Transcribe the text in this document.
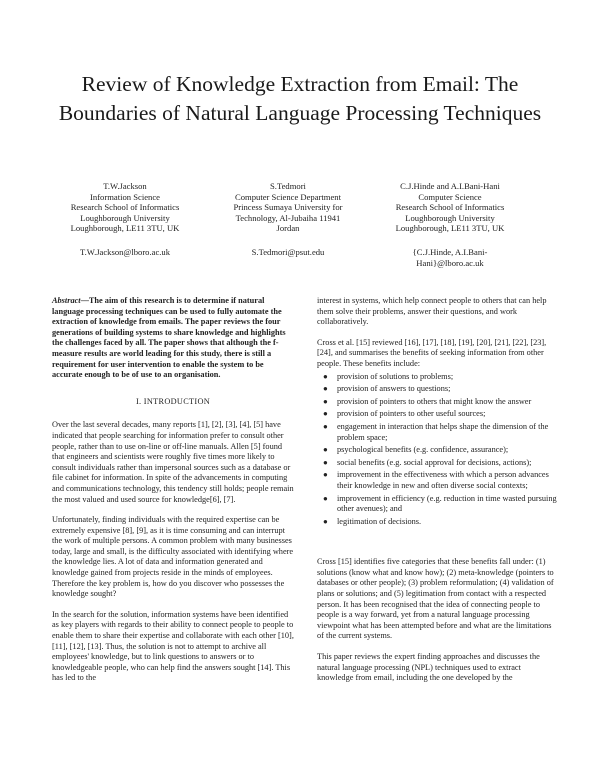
Review of Knowledge Extraction from Email: The Boundaries of Natural Language Processing Techniques
T.W.Jackson
Information Science
Research School of Informatics
Loughborough University
Loughborough, LE11 3TU, UK
T.W.Jackson@lboro.ac.uk
S.Tedmori
Computer Science Department
Princess Sumaya University for
Technology, Al-Jubaiha 11941
Jordan
S.Tedmori@psut.edu
C.J.Hinde and A.I.Bani-Hani
Computer Science
Research School of Informatics
Loughborough University
Loughborough, LE11 3TU, UK
{C.J.Hinde, A.I.Bani-Hani}@lboro.ac.uk

Abstract—The aim of this research is to determine if natural language processing techniques can be used to fully automate the extraction of knowledge from emails. The paper reviews the four generations of building systems to share knowledge and highlights the challenges faced by all. The paper shows that although the f-measure results are world leading for this study, there is still a requirement for user intervention to enable the system to be accurate enough to be of use to an organisation.

I. INTRODUCTION

Over the last several decades, many reports [1], [2], [3], [4], [5] have indicated that people searching for information prefer to consult other people, rather than to use on-line or off-line manuals. Allen [5] found that engineers and scientists were roughly five times more likely to consult individuals rather than impersonal sources such as a database or file cabinet for information. In spite of the advancements in computing and communications technology, this tendency still holds; people remain the most valued and used source for knowledge[6], [7].

Unfortunately, finding individuals with the required expertise can be extremely expensive [8], [9], as it is time consuming and can interrupt the work of multiple persons. A common problem with many businesses today, large and small, is the difficulty associated with identifying where the knowledge lies. A lot of data and information generated and knowledge gained from projects reside in the minds of employees. Therefore the key problem is, how do you discover who possesses the knowledge sought?

In the search for the solution, information systems have been identified as key players with regards to their ability to connect people to people to enable them to share their expertise and collaborate with each other [10], [11], [12], [13]. Thus, the solution is not to attempt to archive all employees' knowledge, but to link questions to answers or to knowledgeable people, who can help find the answers sought [14]. This has led to the

interest in systems, which help connect people to others that can help them solve their problems, answer their questions, and work collaboratively.

Cross et al. [15] reviewed [16], [17], [18], [19], [20], [21], [22], [23], [24], and summarises the benefits of seeking information from other people. These benefits include:

● provision of solutions to problems;
● provision of answers to questions;
● provision of pointers to others that might know the answer
● provision of pointers to other useful sources;
● engagement in interaction that helps shape the dimension of the problem space;
● psychological benefits (e.g. confidence, assurance);
● social benefits (e.g. social approval for decisions, actions);
● improvement in the effectiveness with which a person advances their knowledge in new and often diverse social contexts;
● improvement in efficiency (e.g. reduction in time wasted pursuing other avenues); and
● legitimation of decisions.

Cross [15] identifies five categories that these benefits fall under: (1) solutions (know what and know how); (2) meta-knowledge (pointers to databases or other people); (3) problem reformulation; (4) validation of plans or solutions; and (5) legitimation from contact with a respected person. It has been recognised that the idea of connecting people to people is a way forward, yet from a natural language processing viewpoint what has been attempted before and what are the limitations of the current systems.

This paper reviews the expert finding approaches and discusses the natural language processing (NPL) techniques used to extract knowledge from email, including the one developed by the
